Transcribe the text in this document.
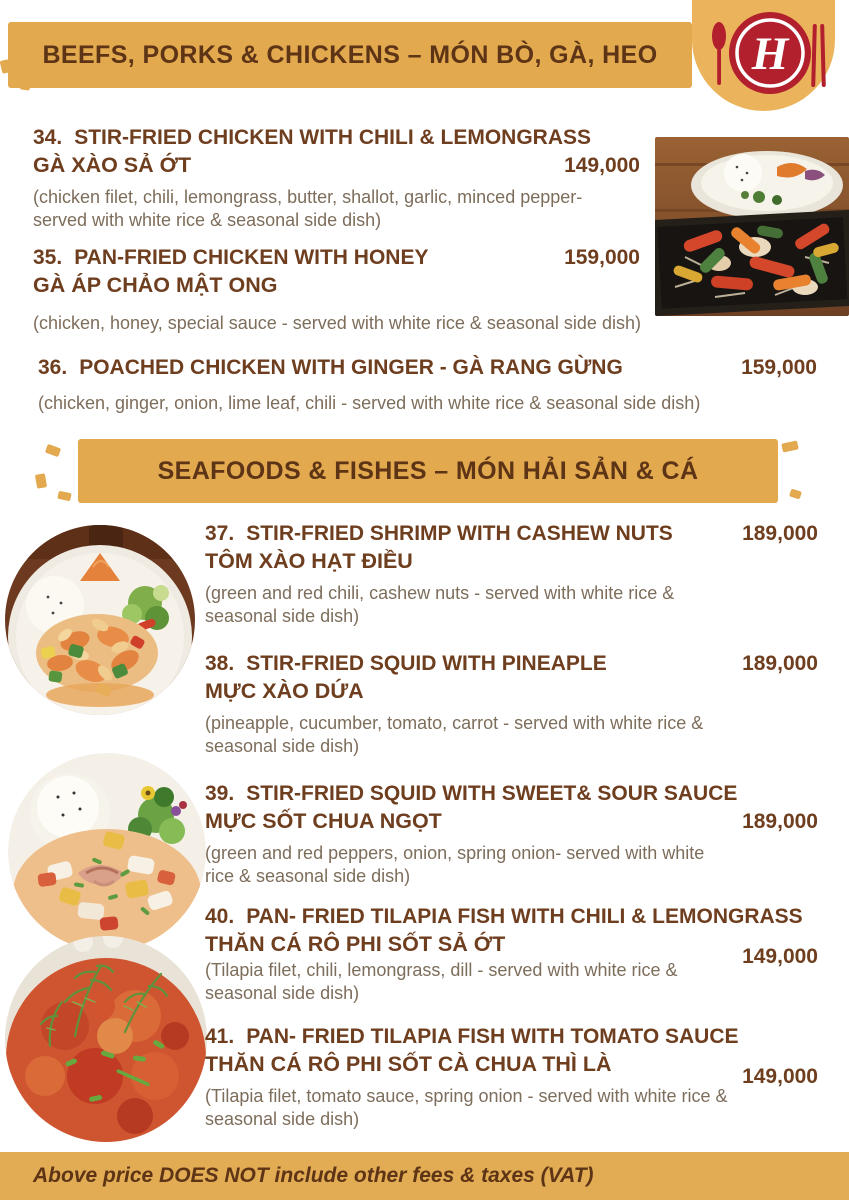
BEEFS, PORKS & CHICKENS – MÓN BÒ, GÀ, HEO H
34. STIR-FRIED CHICKEN WITH CHILI & LEMONGRASS
GÀ XÀO SẢ ỚT	149,000
(chicken filet, chili, lemongrass, butter, shallot, garlic, minced pepper-
served with white rice & seasonal side dish)
35. PAN-FRIED CHICKEN WITH HONEY	159,000
GÀ ÁP CHẢO MẬT ONG
(chicken, honey, special sauce - served with white rice & seasonal side dish)
36. POACHED CHICKEN WITH GINGER - GÀ RANG GỪNG	159,000
(chicken, ginger, onion, lime leaf, chili - served with white rice & seasonal side dish)
SEAFOODS & FISHES – MÓN HẢI SẢN & CÁ
37. STIR-FRIED SHRIMP WITH CASHEW NUTS	189,000
TÔM XÀO HẠT ĐIỀU
(green and red chili, cashew nuts - served with white rice &
seasonal side dish)
38. STIR-FRIED SQUID WITH PINEAPLE	189,000
MỰC XÀO DỨA
(pineapple, cucumber, tomato, carrot - served with white rice &
seasonal side dish)
39. STIR-FRIED SQUID WITH SWEET& SOUR SAUCE
MỰC SỐT CHUA NGỌT	189,000
(green and red peppers, onion, spring onion- served with white
rice & seasonal side dish)
40. PAN- FRIED TILAPIA FISH WITH CHILI & LEMONGRASS
THĂN CÁ RÔ PHI SỐT SẢ ỚT
149,000
(Tilapia filet, chili, lemongrass, dill - served with white rice &
seasonal side dish)
41. PAN- FRIED TILAPIA FISH WITH TOMATO SAUCE
THĂN CÁ RÔ PHI SỐT CÀ CHUA THÌ LÀ
149,000
(Tilapia filet, tomato sauce, spring onion - served with white rice &
seasonal side dish)
Above price DOES NOT include other fees & taxes (VAT)
